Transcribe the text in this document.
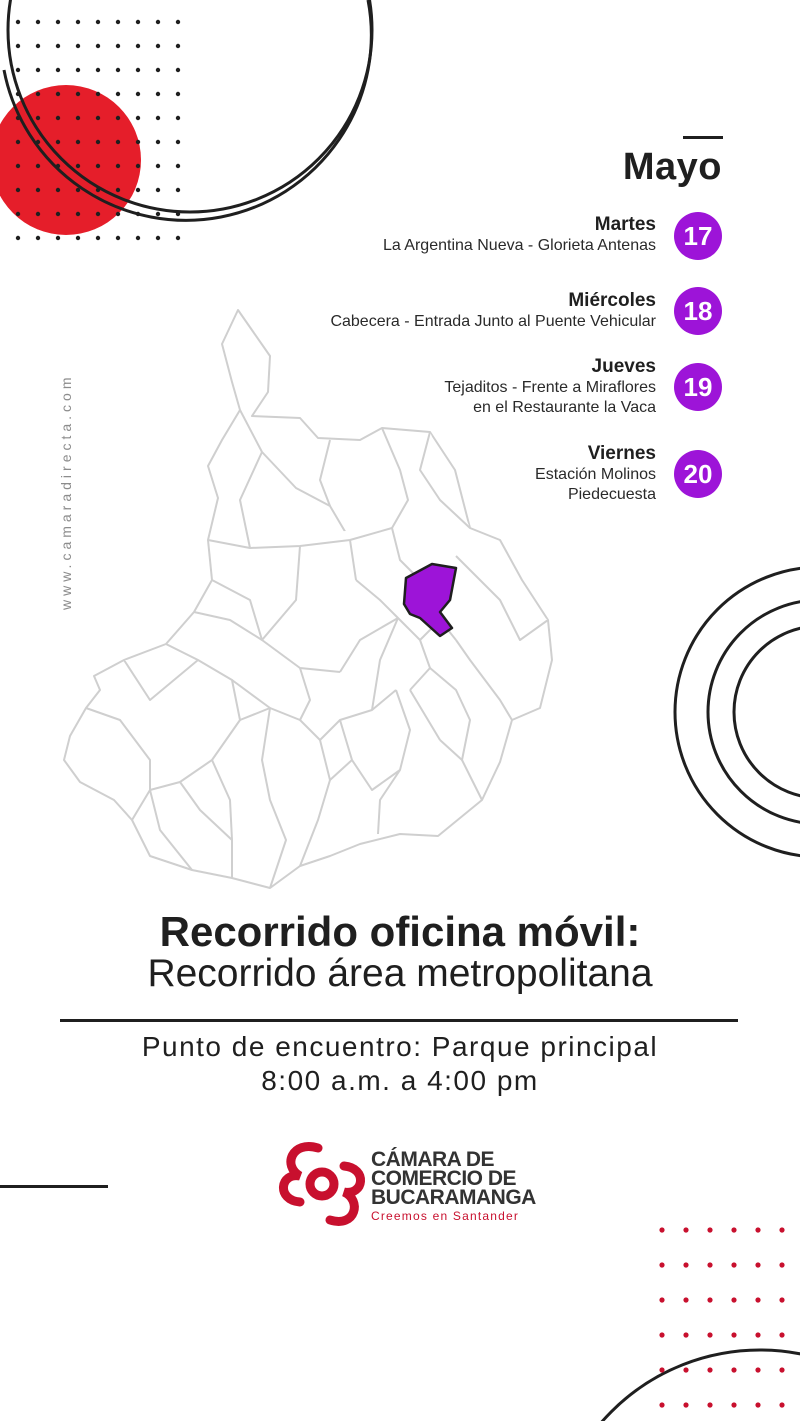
Mayo
Martes
La Argentina Nueva - Glorieta Antenas	17
Miércoles
Cabecera - Entrada Junto al Puente Vehicular	18
Jueves
Tejaditos - Frente a Miraflores
en el Restaurante la Vaca
19
Viernes
Estación Molinos
Piedecuesta
20
www.camaradirecta.com
Recorrido oficina móvil:
Recorrido área metropolitana
Punto de encuentro: Parque principal
8:00 a.m. a 4:00 pm
CÁMARA DE
COMERCIO DE
BUCARAMANGA
Creemos en Santander
